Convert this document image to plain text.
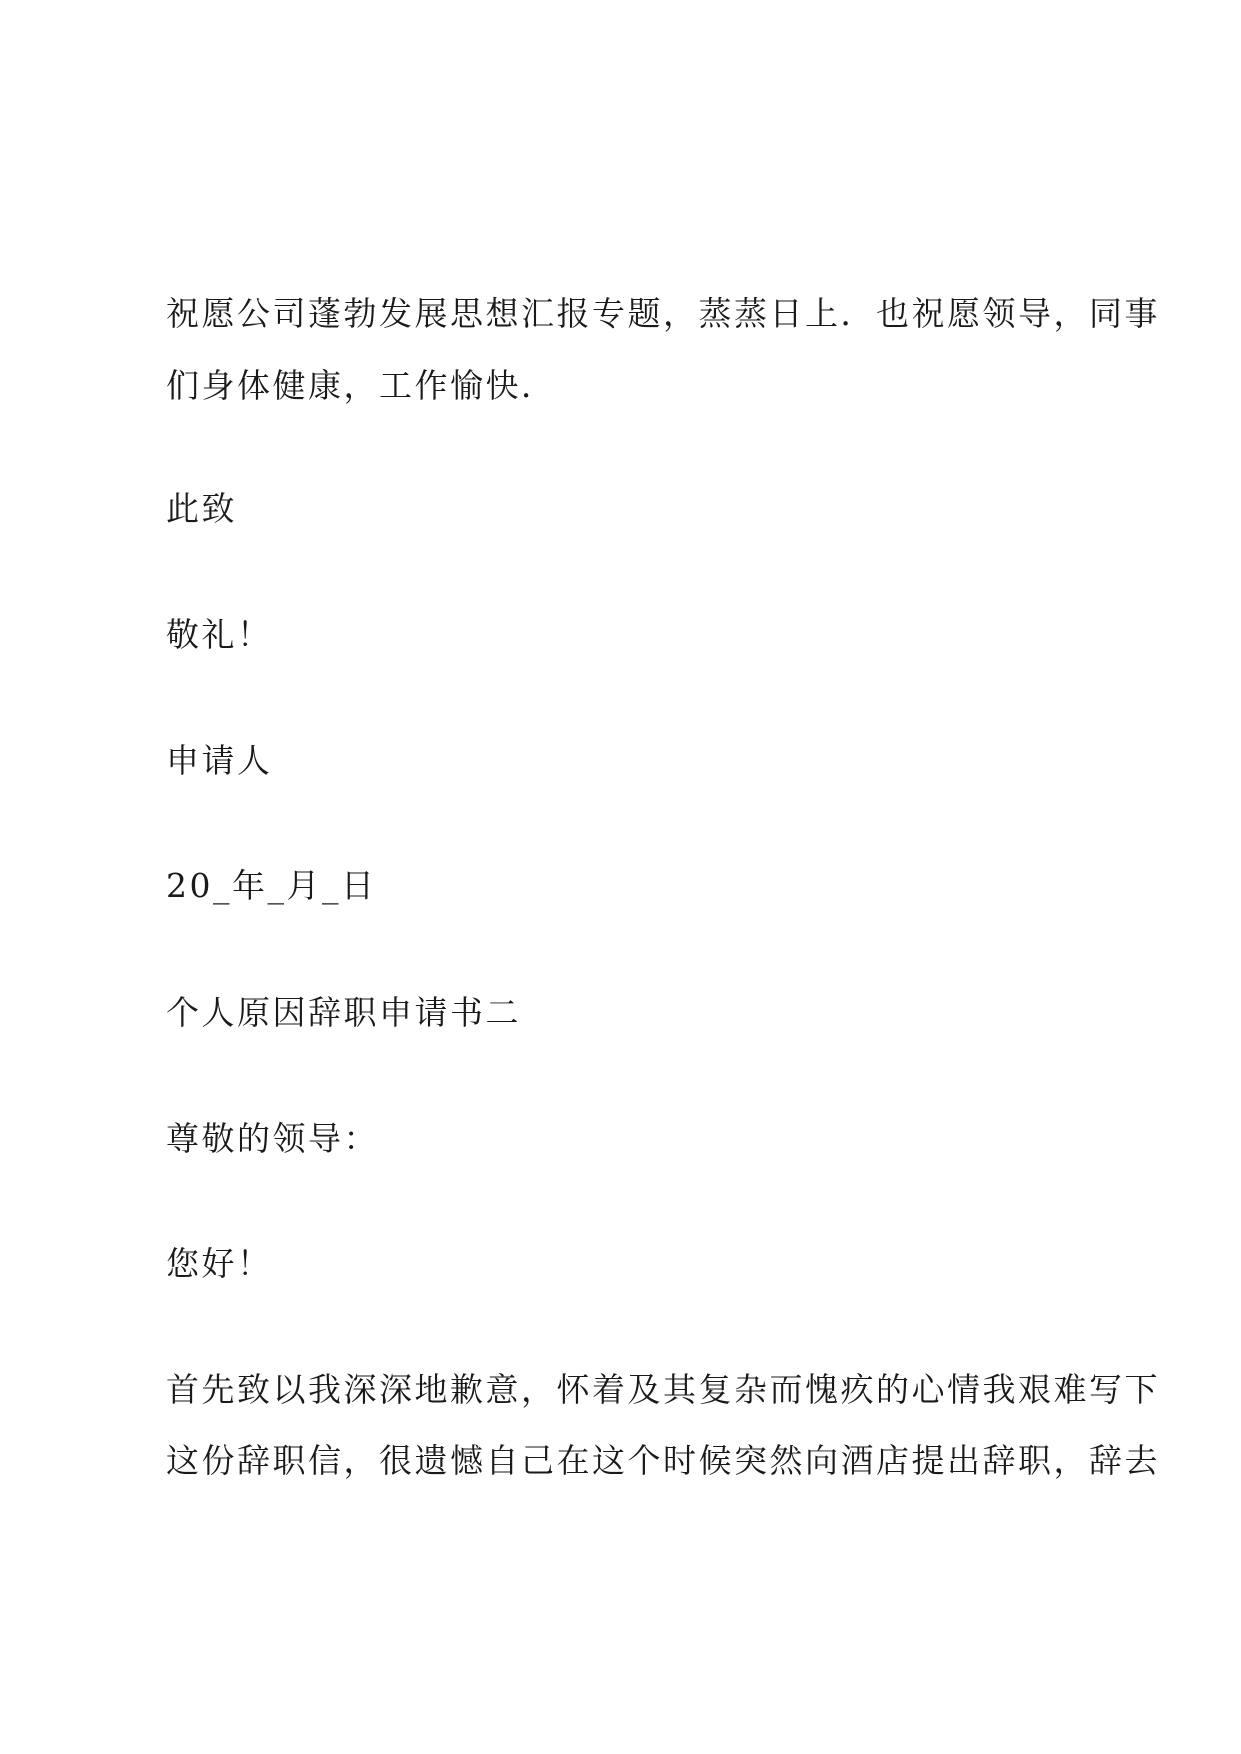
祝愿公司蓬勃发展思想汇报专题，蒸蒸日上．也祝愿领导，同事
们身体健康，工作愉快．
此致
敬礼！
申请人
20_年_月_日
个人原因辞职申请书二
尊敬的领导：
您好！
首先致以我深深地歉意，怀着及其复杂而愧疚的心情我艰难写下
这份辞职信，很遗憾自己在这个时候突然向酒店提出辞职，辞去
